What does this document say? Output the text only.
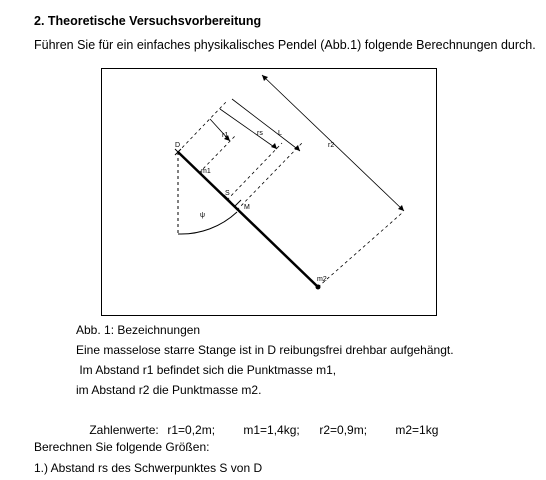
2. Theoretische Versuchsvorbereitung
Führen Sie für ein einfaches physikalisches Pendel (Abb.1) folgende Berechnungen durch.
D
m1
S
M
m2
ψ
r1	rs L
r2
Abb. 1: Bezeichnungen
Eine masselose starre Stange ist in D reibungsfrei drehbar aufgehängt.
Im Abstand r1 befindet sich die Punktmasse m1,
im Abstand r2 die Punktmasse m2.

Zahlenwerte: r1=0,2m; m1=1,4kg; r2=0,9m; m2=1kg

Berechnen Sie folgende Größen:
1.) Abstand rs des Schwerpunktes S von D
